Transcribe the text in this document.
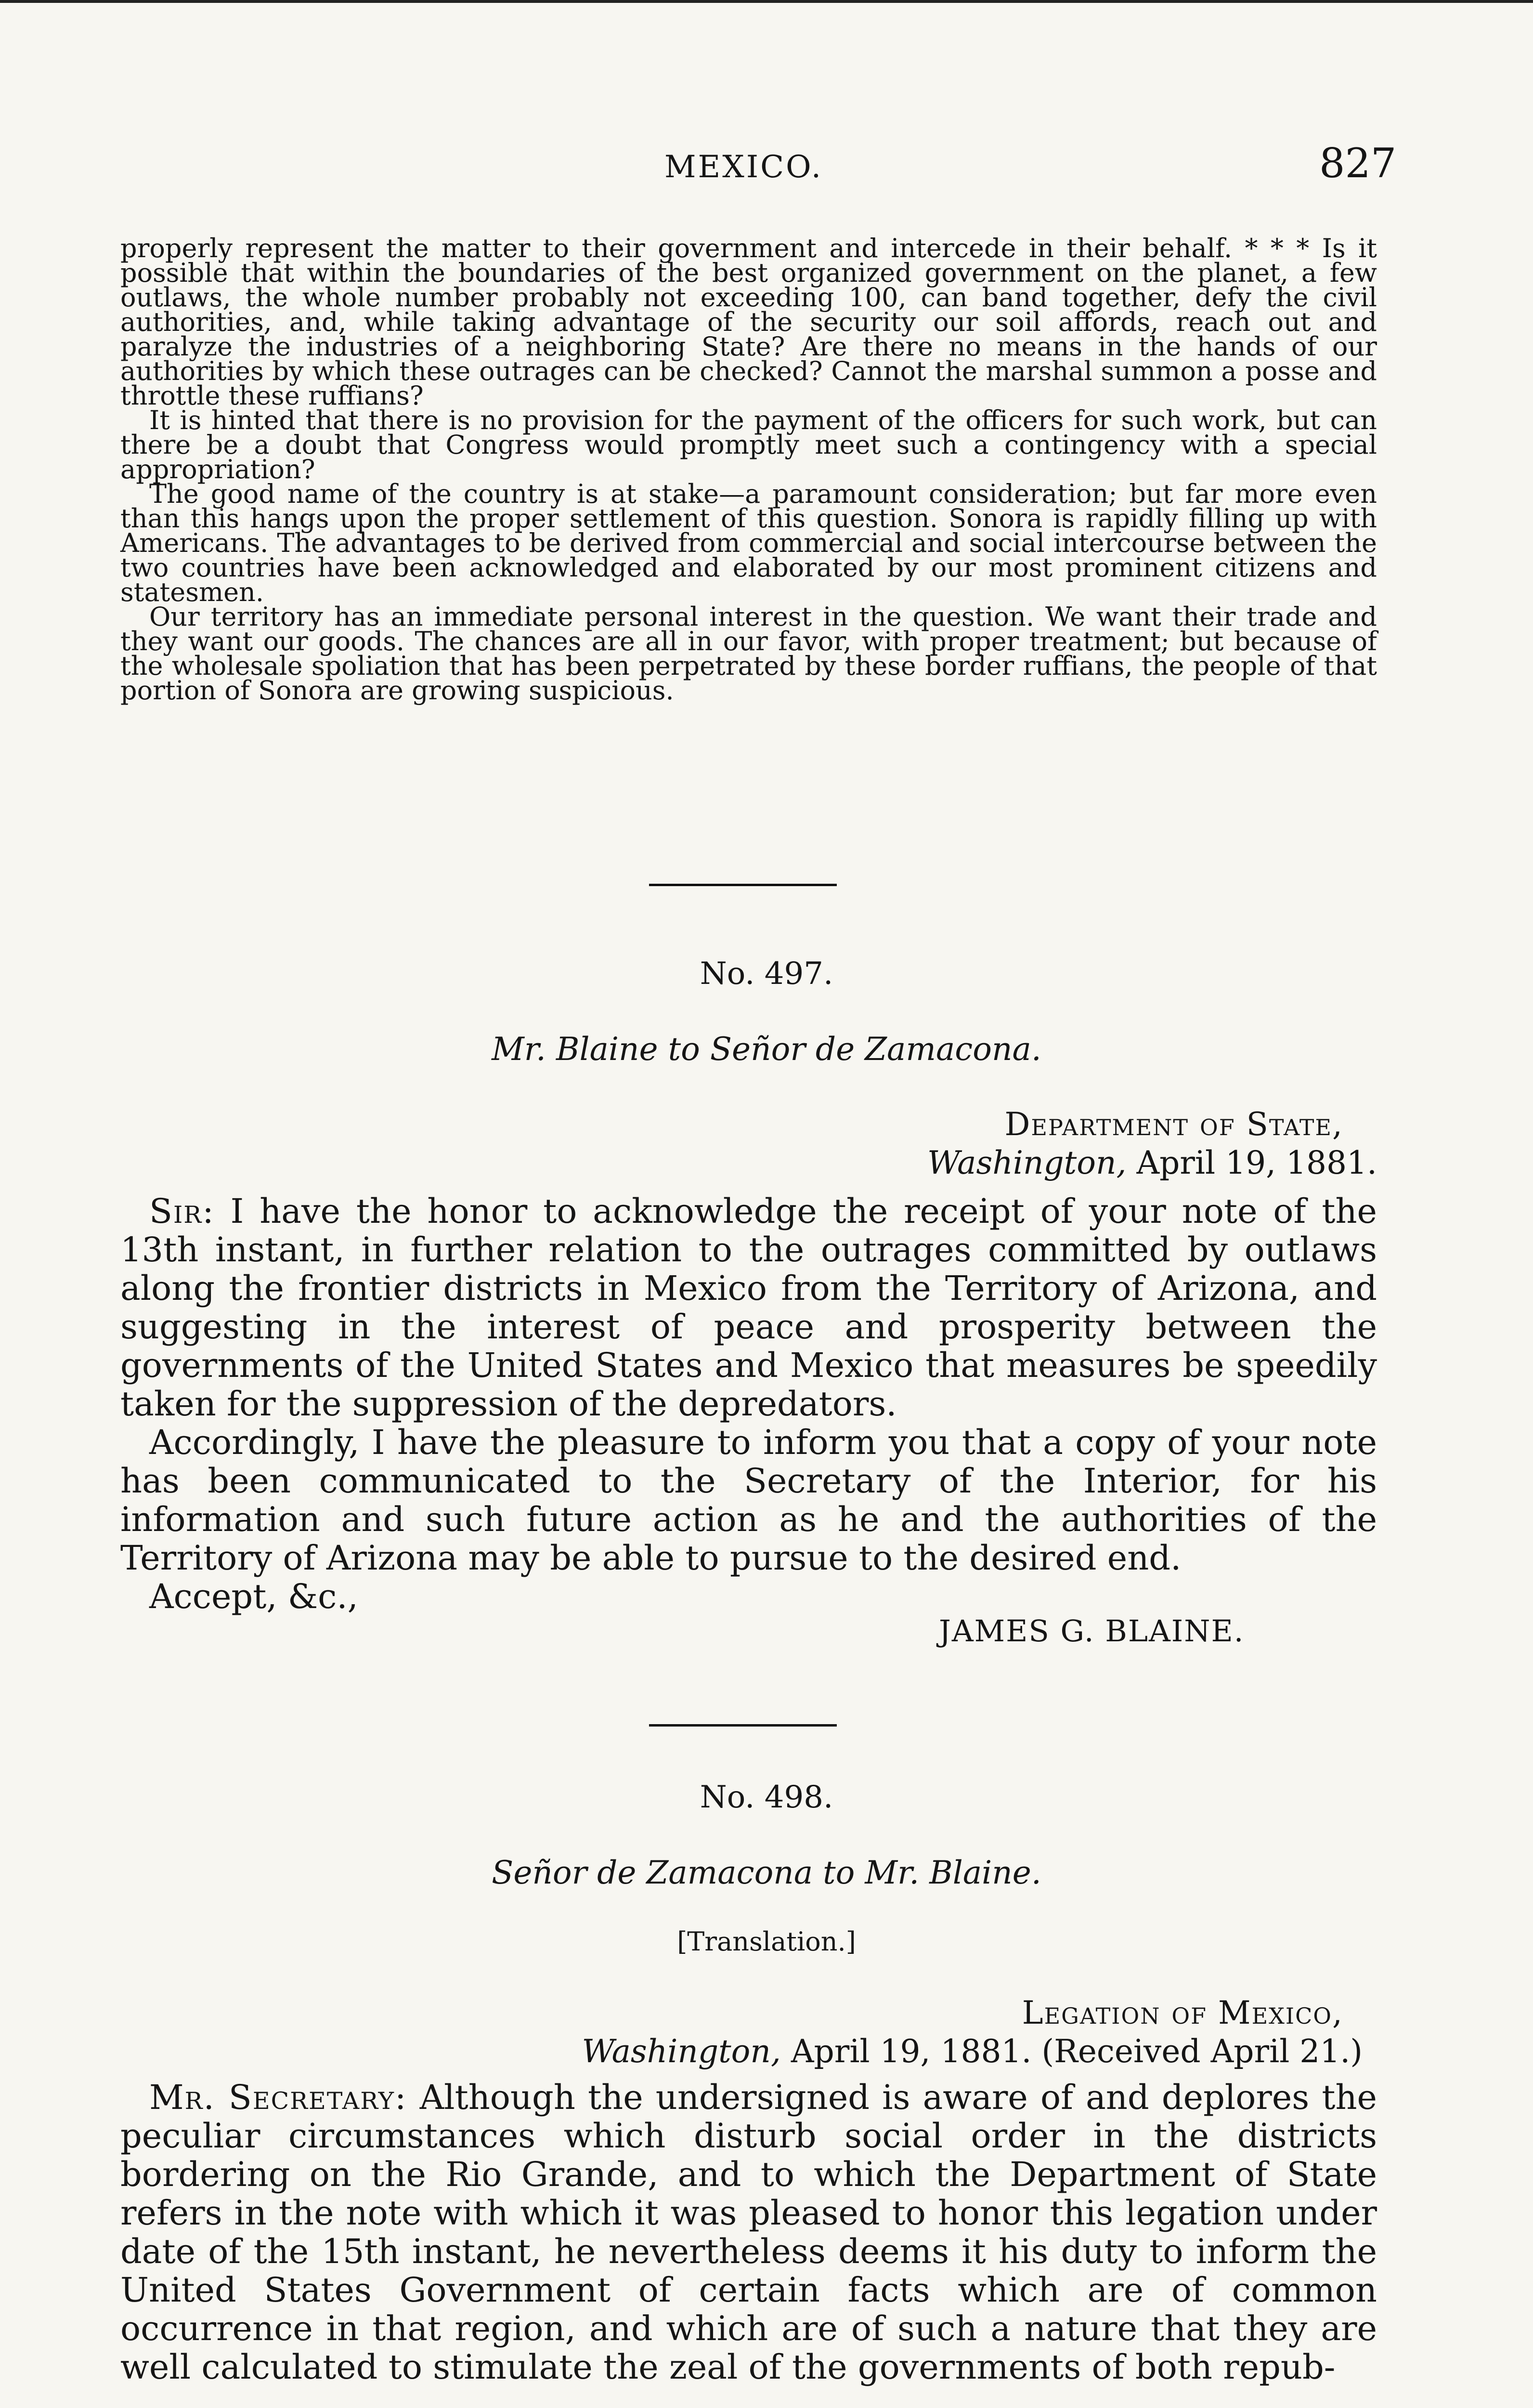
MEXICO.	827

properly represent the matter to their government and intercede in their behalf. * * * Is it possible that within the boundaries of the best organized government on the planet, a few outlaws, the whole number probably not exceeding 100, can band together, defy the civil authorities, and, while taking advantage of the security our soil affords, reach out and paralyze the industries of a neighboring State? Are there no means in the hands of our authorities by which these outrages can be checked? Cannot the marshal summon a posse and throttle these ruffians?

It is hinted that there is no provision for the payment of the officers for such work, but can there be a doubt that Congress would promptly meet such a contingency with a special appropriation?

The good name of the country is at stake—a paramount consideration; but far more even than this hangs upon the proper settlement of this question. Sonora is rapidly filling up with Americans. The advantages to be derived from commercial and social intercourse between the two countries have been acknowledged and elaborated by our most prominent citizens and statesmen.

Our territory has an immediate personal interest in the question. We want their trade and they want our goods. The chances are all in our favor, with proper treatment; but because of the wholesale spoliation that has been perpetrated by these border ruffians, the people of that portion of Sonora are growing suspicious.

No. 497.
Mr. Blaine to Señor de Zamacona.
Department of State,
Washington, April 19, 1881.

Sir: I have the honor to acknowledge the receipt of your note of the 13th instant, in further relation to the outrages committed by outlaws along the frontier districts in Mexico from the Territory of Arizona, and suggesting in the interest of peace and prosperity between the governments of the United States and Mexico that measures be speedily taken for the suppression of the depredators.

Accordingly, I have the pleasure to inform you that a copy of your note has been communicated to the Secretary of the Interior, for his information and such future action as he and the authorities of the Territory of Arizona may be able to pursue to the desired end.

Accept, &c.,

JAMES G. BLAINE.
No. 498.
Señor de Zamacona to Mr. Blaine.
[Translation.]
Legation of Mexico,
Washington, April 19, 1881. (Received April 21.)

Mr. Secretary: Although the undersigned is aware of and deplores the peculiar circumstances which disturb social order in the districts bordering on the Rio Grande, and to which the Department of State refers in the note with which it was pleased to honor this legation under date of the 15th instant, he nevertheless deems it his duty to inform the United States Government of certain facts which are of common occurrence in that region, and which are of such a nature that they are well calculated to stimulate the zeal of the governments of both repub-
